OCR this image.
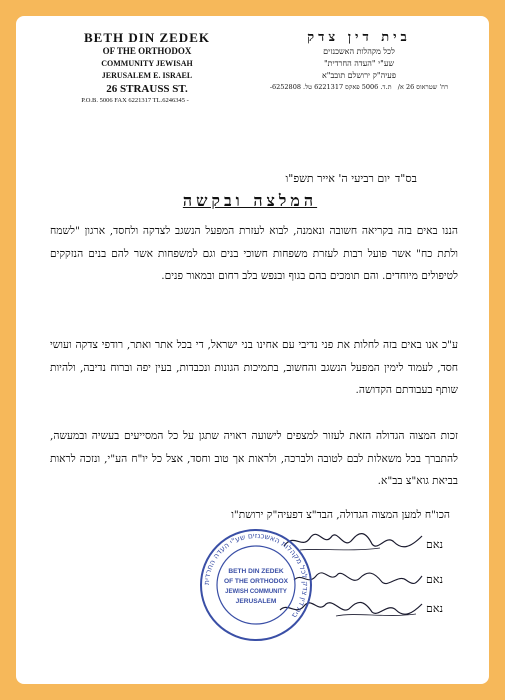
BETH DIN ZEDEK
OF THE ORTHODOX
COMMUNITY JEWISAH
JERUSALEM E. ISRAEL
26 STRAUSS ST.
P.O.B. 5006 FAX 6221317 TL.6246345 -
בית דין צדק
לכל מקהלות האשכנזים
שע"י "העדה החרדית"
פעיה"ק ירושלם תובב"א
רח' שטראוס 26 א/   ת.ד. 5006 פאקס 6221317 טל. 6252808-
בס"ד
יום רביעי ה' אייר תשפ"ו
המלצה ובקשה
הננו באים בזה בקריאה חשובה ונאמנה, לבוא לעזרת המפעל הנשגב לצדקה ולחסד, ארגון "לשמח ולתת כח" אשר פועל רבות לעזרת משפחות חשוכי בנים וגם למשפחות אשר להם בנים הנזקקים לטיפולים מיוחדים. והם תומכים בהם בגוף ובנפש בלב רחום ובמאור פנים.
ע"כ אנו באים בזה לחלות את פני נדיבי עם אחינו בני ישראל, די בכל אתר ואתר, רודפי צדקה ועושי חסד, לעמוד לימין המפעל הנשגב והחשוב, בתמיכות הגונות ונכבדות, בעין יפה וברוח נדיבה, ולהיות שותף בעבודתם הקדושה.
זכות המצוה הגדולה הזאת לעזור למצפים לישועה ראויה שתגן על כל המסייעים בעשיה ובמעשה, להתברך בכל משאלות לבם לטובה ולברכה, ולראות אך טוב וחסד, אצל כל יו"ח הע"י, ונזכה לראות בביאת גוא"צ בב"א.
הכו"ח למען המצוה הגדולה, הבד"צ דפעיה"ק ירושת"ו
נאם
נאם
נאם
בית דין צדק לכל מקהלות האשכנזים שע"י העדה החרדית
BETH DIN ZEDEK
OF THE ORTHODOX
JEWISH COMMUNITY
JERUSALEM
